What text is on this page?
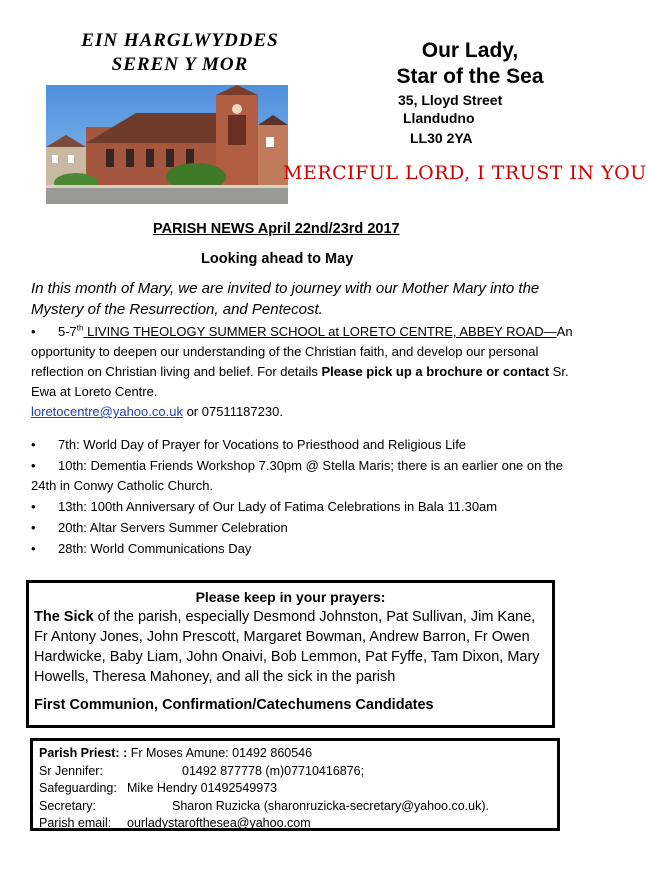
EIN HARGLWYDDES
SEREN Y MOR
Our Lady,
Star of the Sea
35, Lloyd Street
Llandudno
LL30 2YA
MERCIFUL LORD, I TRUST IN YOU
PARISH NEWS April 22nd/23rd 2017
Looking ahead to May
In this month of Mary, we are invited to journey with our Mother Mary into the Mystery of the Resurrection, and Pentecost.
• 5-7th LIVING THEOLOGY SUMMER SCHOOL at LORETO CENTRE, ABBEY ROAD—An opportunity to deepen our understanding of the Christian faith, and develop our personal reflection on Christian living and belief. For details Please pick up a brochure or contact Sr. Ewa at Loreto Centre.
loretocentre@yahoo.co.uk or 07511187230.
• 7th: World Day of Prayer for Vocations to Priesthood and Religious Life
• 10th: Dementia Friends Workshop 7.30pm @ Stella Maris; there is an earlier one on the 24th in Conwy Catholic Church.
• 13th: 100th Anniversary of Our Lady of Fatima Celebrations in Bala 11.30am
• 20th: Altar Servers Summer Celebration
• 28th: World Communications Day
Please keep in your prayers:
The Sick of the parish, especially Desmond Johnston, Pat Sullivan, Jim Kane, Fr Antony Jones, John Prescott, Margaret Bowman, Andrew Barron, Fr Owen Hardwicke, Baby Liam, John Onaivi, Bob Lemmon, Pat Fyffe, Tam Dixon, Mary Howells, Theresa Mahoney, and all the sick in the parish
First Communion, Confirmation/Catechumens Candidates
Parish Priest: : Fr Moses Amune: 01492 860546
Sr Jennifer:	01492 877778 (m)07710416876;
Safeguarding: Mike Hendry 01492549973
Secretary:	Sharon Ruzicka (sharonruzicka-secretary@yahoo.co.uk).
Parish email: ourladystarofthesea@yahoo.com
